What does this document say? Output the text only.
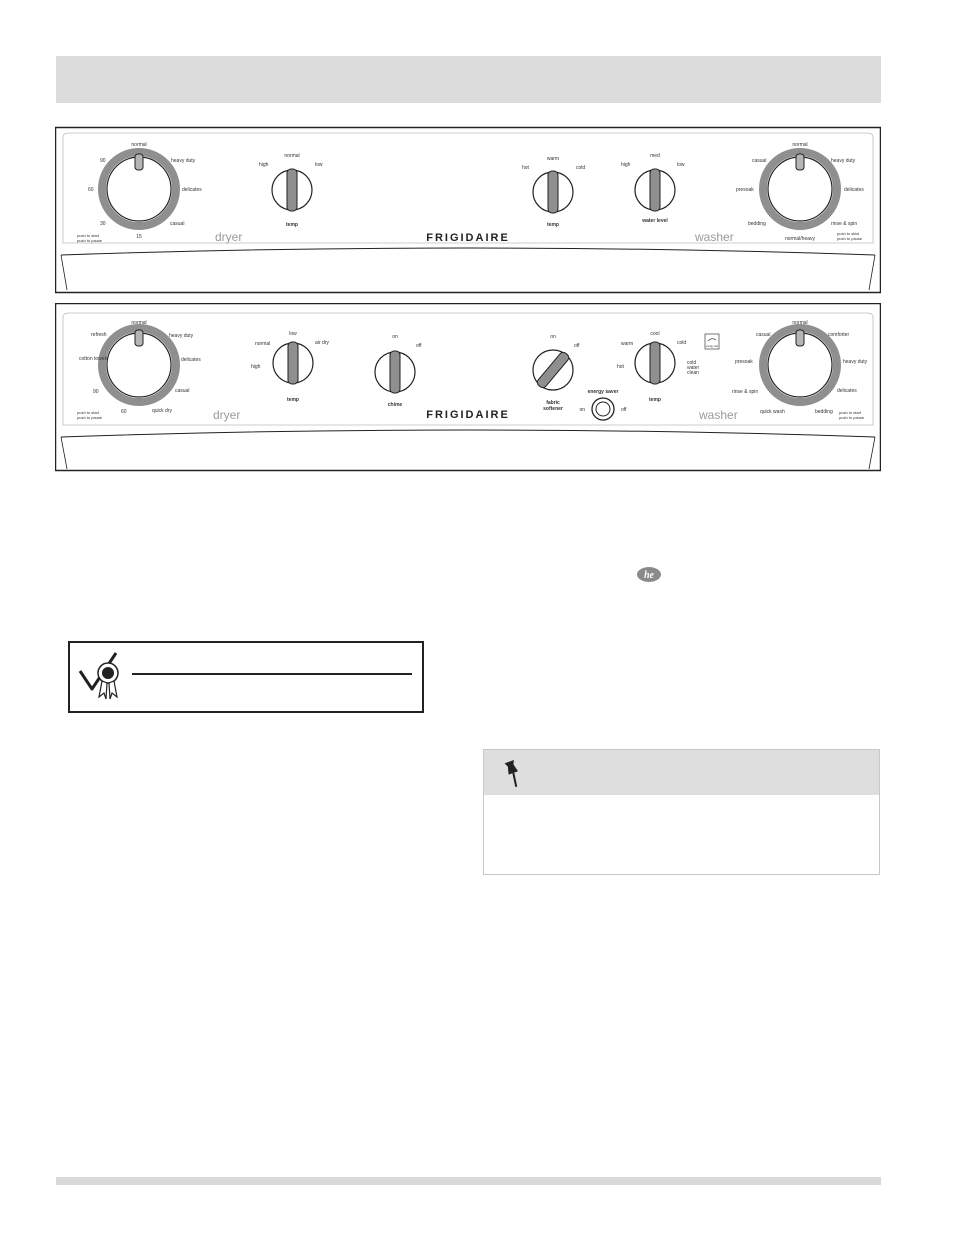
normal
heavy duty
delicates
casual
15
30
60
90
push to start
push to pause	dryer
high
normal
low
temp
hot
warm
cold
temp
high
med
low
water level
FRIGIDAIRE	washer
normal
heavy duty
delicates
rinse & spin
normal/heavy
bedding
presoak
casual
push to start
push to pause
normal
heavy duty
delicates
casual
quick dry
60
90
cotton towels
refresh
push to start
push to pause	dryer
high
normal
low
air dry
temp
on
off
chime
FRIGIDAIRE
on
off
fabric
softener
energy saver
on	off
hot
warm
cool
cold
cold
water
clean
temp
energy star
washer
normal
comforter
heavy duty
delicates
bedding
quick wash
rinse & spin
presoak
casual
push to start
push to pause
he
